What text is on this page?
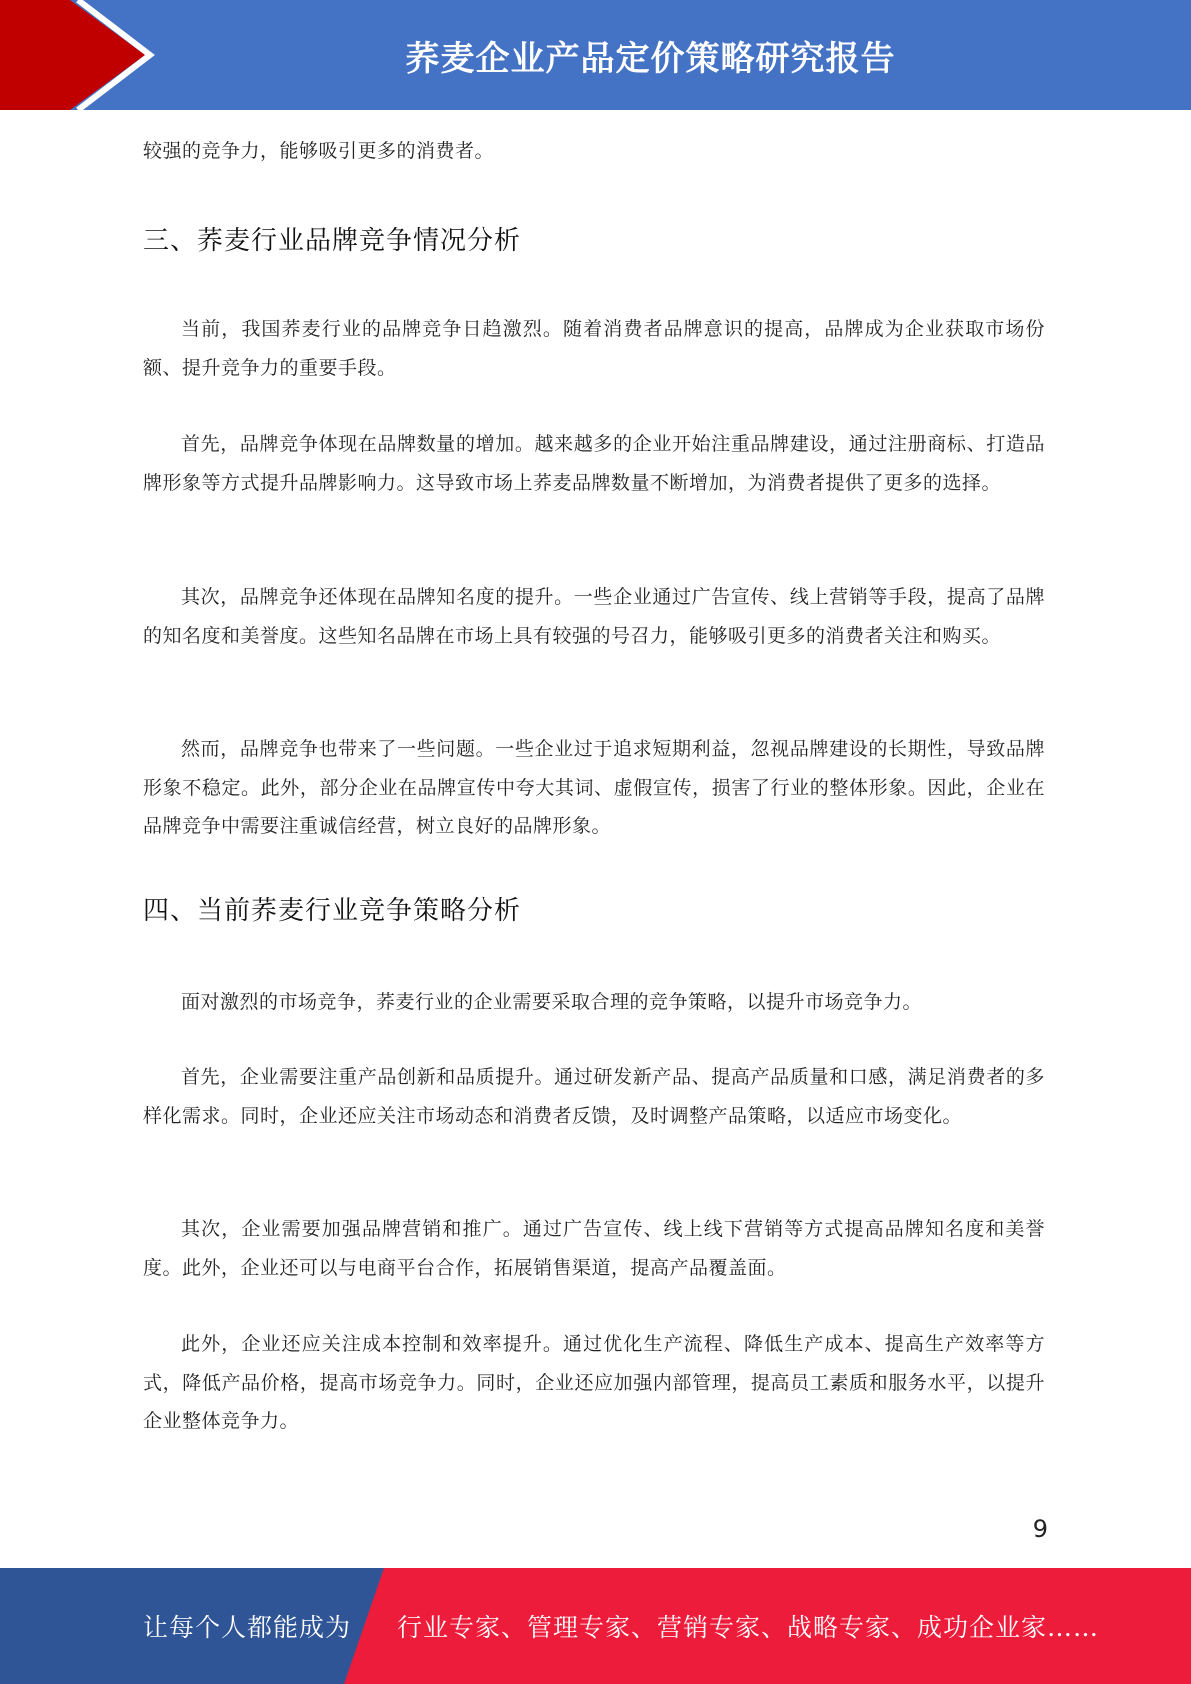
荞麦企业产品定价策略研究报告

较强的竞争力，能够吸引更多的消费者。

三、荞麦行业品牌竞争情况分析

当前，我国荞麦行业的品牌竞争日趋激烈。随着消费者品牌意识的提高，品牌成为企业获取市场份额、提升竞争力的重要手段。

首先，品牌竞争体现在品牌数量的增加。越来越多的企业开始注重品牌建设，通过注册商标、打造品牌形象等方式提升品牌影响力。这导致市场上荞麦品牌数量不断增加，为消费者提供了更多的选择。

其次，品牌竞争还体现在品牌知名度的提升。一些企业通过广告宣传、线上营销等手段，提高了品牌的知名度和美誉度。这些知名品牌在市场上具有较强的号召力，能够吸引更多的消费者关注和购买。

然而，品牌竞争也带来了一些问题。一些企业过于追求短期利益，忽视品牌建设的长期性，导致品牌形象不稳定。此外，部分企业在品牌宣传中夸大其词、虚假宣传，损害了行业的整体形象。因此，企业在品牌竞争中需要注重诚信经营，树立良好的品牌形象。

四、当前荞麦行业竞争策略分析

面对激烈的市场竞争，荞麦行业的企业需要采取合理的竞争策略，以提升市场竞争力。

首先，企业需要注重产品创新和品质提升。通过研发新产品、提高产品质量和口感，满足消费者的多样化需求。同时，企业还应关注市场动态和消费者反馈，及时调整产品策略，以适应市场变化。

其次，企业需要加强品牌营销和推广。通过广告宣传、线上线下营销等方式提高品牌知名度和美誉度。此外，企业还可以与电商平台合作，拓展销售渠道，提高产品覆盖面。

此外，企业还应关注成本控制和效率提升。通过优化生产流程、降低生产成本、提高生产效率等方式，降低产品价格，提高市场竞争力。同时，企业还应加强内部管理，提高员工素质和服务水平，以提升企业整体竞争力。

9
让每个人都能成为 行业专家、管理专家、营销专家、战略专家、成功企业家……
